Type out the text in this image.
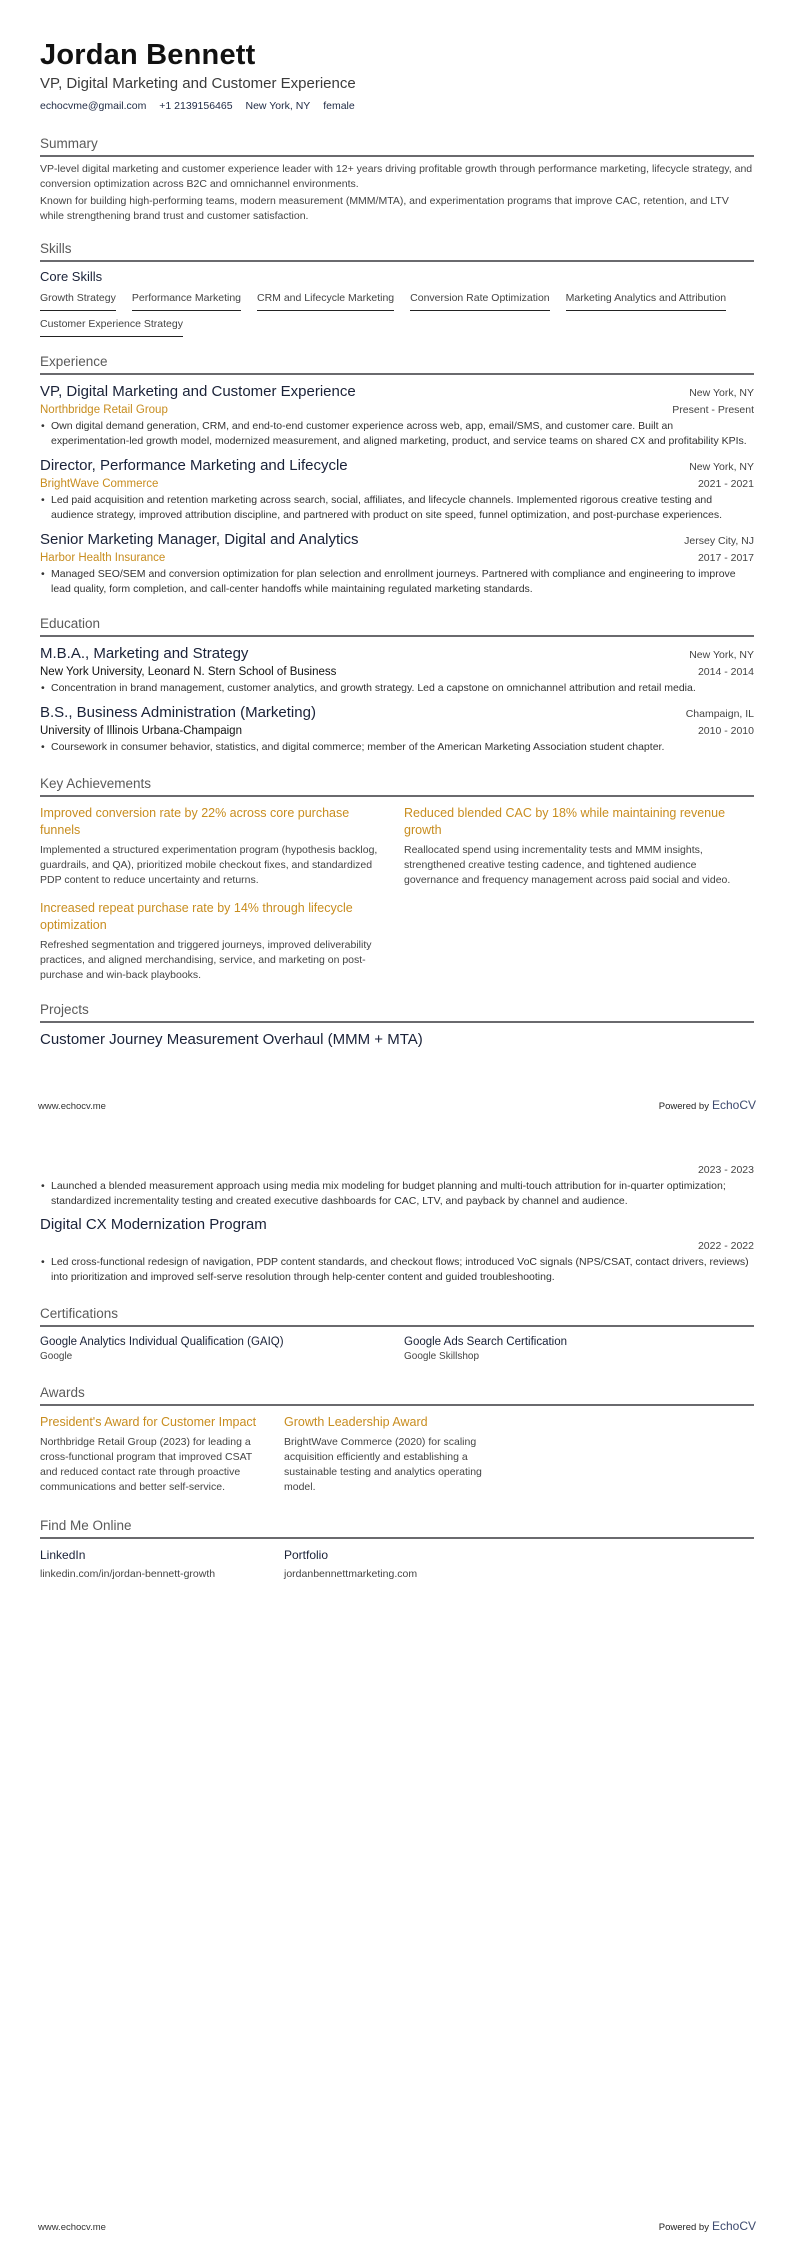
Jordan Bennett
VP, Digital Marketing and Customer Experience
echocvme@gmail.com +1 2139156465 New York, NY female
Summary

VP-level digital marketing and customer experience leader with 12+ years driving profitable growth through performance marketing, lifecycle strategy, and conversion optimization across B2C and omnichannel environments.

Known for building high-performing teams, modern measurement (MMM/MTA), and experimentation programs that improve CAC, retention, and LTV while strengthening brand trust and customer satisfaction.

Skills
Core Skills
Growth Strategy Performance Marketing CRM and Lifecycle Marketing Conversion Rate Optimization Marketing Analytics and Attribution
Customer Experience Strategy
Experience
VP, Digital Marketing and Customer Experience	New York, NY
Northbridge Retail Group	Present - Present
• Own digital demand generation, CRM, and end-to-end customer experience across web, app, email/SMS, and customer care. Built an experimentation-led growth model, modernized measurement, and aligned marketing, product, and service teams on shared CX and profitability KPIs.
Director, Performance Marketing and Lifecycle	New York, NY
BrightWave Commerce	2021 - 2021
• Led paid acquisition and retention marketing across search, social, affiliates, and lifecycle channels. Implemented rigorous creative testing and audience strategy, improved attribution discipline, and partnered with product on site speed, funnel optimization, and post-purchase experiences.
Senior Marketing Manager, Digital and Analytics	Jersey City, NJ
Harbor Health Insurance	2017 - 2017
• Managed SEO/SEM and conversion optimization for plan selection and enrollment journeys. Partnered with compliance and engineering to improve lead quality, form completion, and call-center handoffs while maintaining regulated marketing standards.
Education
M.B.A., Marketing and Strategy	New York, NY
New York University, Leonard N. Stern School of Business	2014 - 2014
• Concentration in brand management, customer analytics, and growth strategy. Led a capstone on omnichannel attribution and retail media.
B.S., Business Administration (Marketing)	Champaign, IL
University of Illinois Urbana-Champaign	2010 - 2010
• Coursework in consumer behavior, statistics, and digital commerce; member of the American Marketing Association student chapter.
Key Achievements
Improved conversion rate by 22% across core purchase funnels
Implemented a structured experimentation program (hypothesis backlog, guardrails, and QA), prioritized mobile checkout fixes, and standardized PDP content to reduce uncertainty and returns.
Reduced blended CAC by 18% while maintaining revenue growth
Reallocated spend using incrementality tests and MMM insights, strengthened creative testing cadence, and tightened audience governance and frequency management across paid social and video.
Increased repeat purchase rate by 14% through lifecycle optimization
Refreshed segmentation and triggered journeys, improved deliverability practices, and aligned merchandising, service, and marketing on post-purchase and win-back playbooks.
Projects
Customer Journey Measurement Overhaul (MMM + MTA)
www.echocv.me	Powered by EchoCV
2023 - 2023
• Launched a blended measurement approach using media mix modeling for budget planning and multi-touch attribution for in-quarter optimization; standardized incrementality testing and created executive dashboards for CAC, LTV, and payback by channel and audience.
Digital CX Modernization Program
2022 - 2022
• Led cross-functional redesign of navigation, PDP content standards, and checkout flows; introduced VoC signals (NPS/CSAT, contact drivers, reviews) into prioritization and improved self-serve resolution through help-center content and guided troubleshooting.
Certifications
Google Analytics Individual Qualification (GAIQ)
Google
Google Ads Search Certification
Google Skillshop
Awards
President's Award for Customer Impact
Northbridge Retail Group (2023) for leading a cross-functional program that improved CSAT and reduced contact rate through proactive communications and better self-service.
Growth Leadership Award
BrightWave Commerce (2020) for scaling acquisition efficiently and establishing a sustainable testing and analytics operating model.
Find Me Online
LinkedIn
linkedin.com/in/jordan-bennett-growth
Portfolio
jordanbennettmarketing.com
www.echocv.me	Powered by EchoCV
